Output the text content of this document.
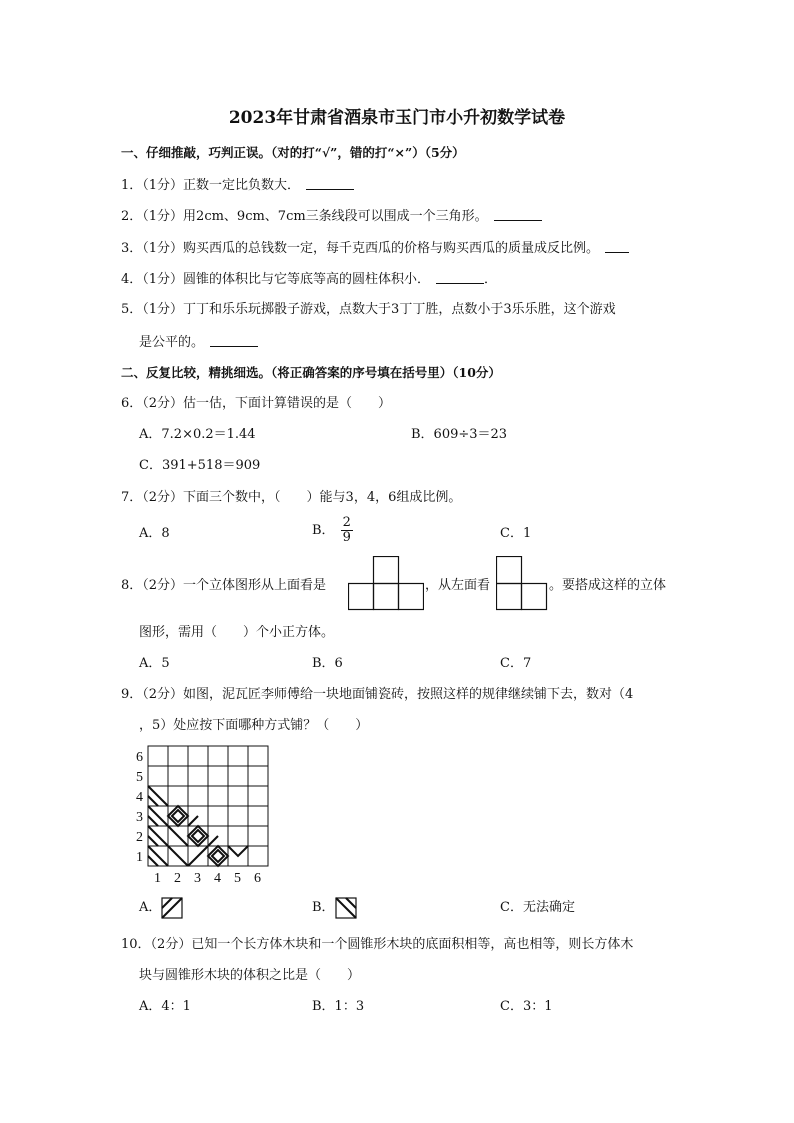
2023年甘肃省酒泉市玉门市小升初数学试卷
一、仔细推敲，巧判正误。（对的打“√”，错的打“×”）（5分）
1．（1分）正数一定比负数大．
2．（1分）用2cm、9cm、7cm三条线段可以围成一个三角形。
3．（1分）购买西瓜的总钱数一定，每千克西瓜的价格与购买西瓜的质量成反比例。
4．（1分）圆锥的体积比与它等底等高的圆柱体积小．	．
5．（1分）丁丁和乐乐玩掷骰子游戏，点数大于3丁丁胜，点数小于3乐乐胜，这个游戏
是公平的。
二、反复比较，精挑细选。（将正确答案的序号填在括号里）（10分）
6．（2分）估一估，下面计算错误的是（　　）
A．7.2×0.2＝1.44	B．609÷3＝23
C．391+518＝909
7．（2分）下面三个数中，（　　）能与3，4，6组成比例。
A．8	B． $\frac{2}{9}$	C．1
8．（2分）一个立体图形从上面看是	，从左面看	。要搭成这样的立体
图形，需用（　　）个小正方体。
A．5	B．6	C．7
9．（2分）如图，泥瓦匠李师傅给一块地面铺瓷砖，按照这样的规律继续铺下去，数对（4
，5）处应按下面哪种方式铺？（　　）
6
5
4
3
2
1
1 2 3 4 5 6
A．	B．	C．无法确定
10．（2分）已知一个长方体木块和一个圆锥形木块的底面积相等，高也相等，则长方体木
块与圆锥形木块的体积之比是（　　）
A．4：1	B．1：3	C．3：1
